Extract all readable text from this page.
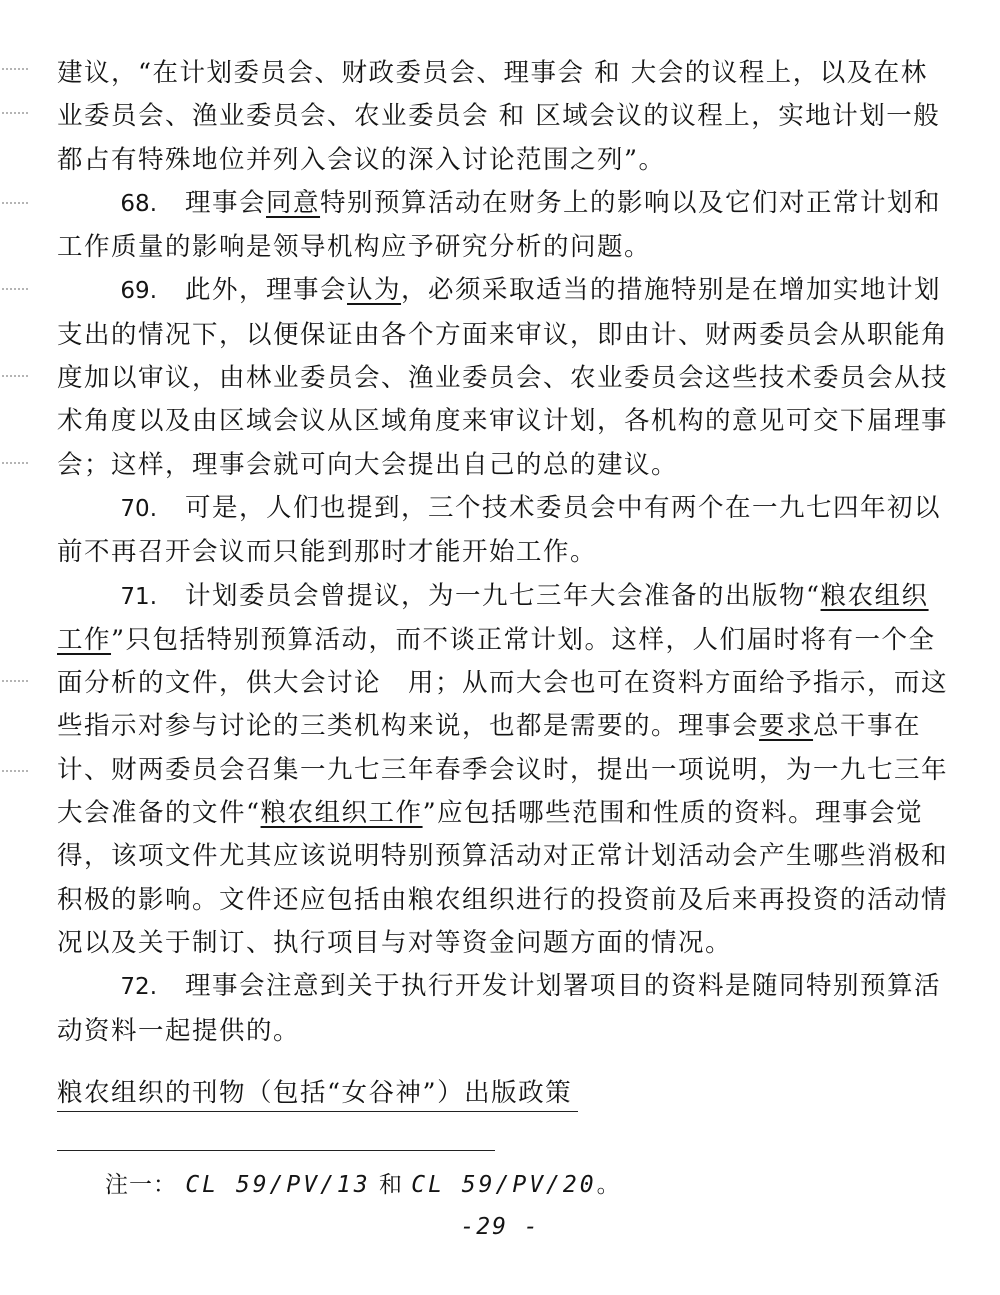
建议，“在计划委员会、财政委员会、理事会 和 大会的议程上，以及在林业委员会、渔业委员会、农业委员会 和 区域会议的议程上，实地计划一般都占有特殊地位并列入会议的深入讨论范围之列”。

68. 理事会同意特别预算活动在财务上的影响以及它们对正常计划和工作质量的影响是领导机构应予研究分析的问题。

69. 此外，理事会认为，必须采取适当的措施特别是在增加实地计划支出的情况下，以便保证由各个方面来审议，即由计、财两委员会从职能角度加以审议，由林业委员会、渔业委员会、农业委员会这些技术委员会从技术角度以及由区域会议从区域角度来审议计划，各机构的意见可交下届理事会；这样，理事会就可向大会提出自己的总的建议。

70. 可是，人们也提到，三个技术委员会中有两个在一九七四年初以前不再召开会议而只能到那时才能开始工作。

71. 计划委员会曾提议，为一九七三年大会准备的出版物“粮农组织工作”只包括特别预算活动，而不谈正常计划。这样，人们届时将有一个全面分析的文件，供大会讨论　用；从而大会也可在资料方面给予指示，而这些指示对参与讨论的三类机构来说，也都是需要的。理事会要求总干事在计、财两委员会召集一九七三年春季会议时，提出一项说明，为一九七三年大会准备的文件“粮农组织工作”应包括哪些范围和性质的资料。理事会觉得，该项文件尤其应该说明特别预算活动对正常计划活动会产生哪些消极和积极的影响。文件还应包括由粮农组织进行的投资前及后来再投资的活动情况以及关于制订、执行项目与对等资金问题方面的情况。

72. 理事会注意到关于执行开发计划署项目的资料是随同特别预算活动资料一起提供的。

粮农组织的刊物（包括“女谷神”）出版政策
注一： CL 59/PV/13 和 CL 59/PV/20。
-29 -
